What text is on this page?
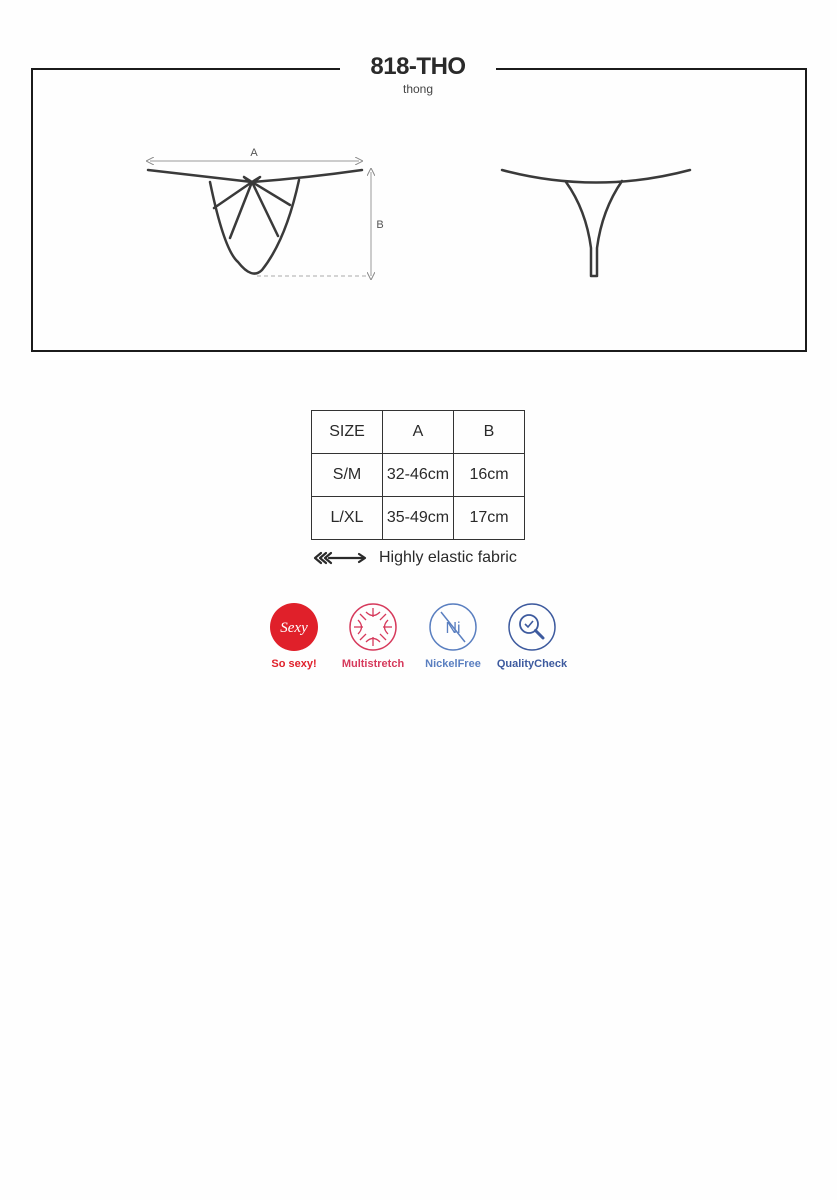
A
B
818-THO
thong
SIZE	A	B
S/M	32-46cm	16cm
L/XL	35-49cm	17cm
Highly elastic fabric
Sexy
So sexy!	Multistretch
Ni
NickelFree	QualityCheck
